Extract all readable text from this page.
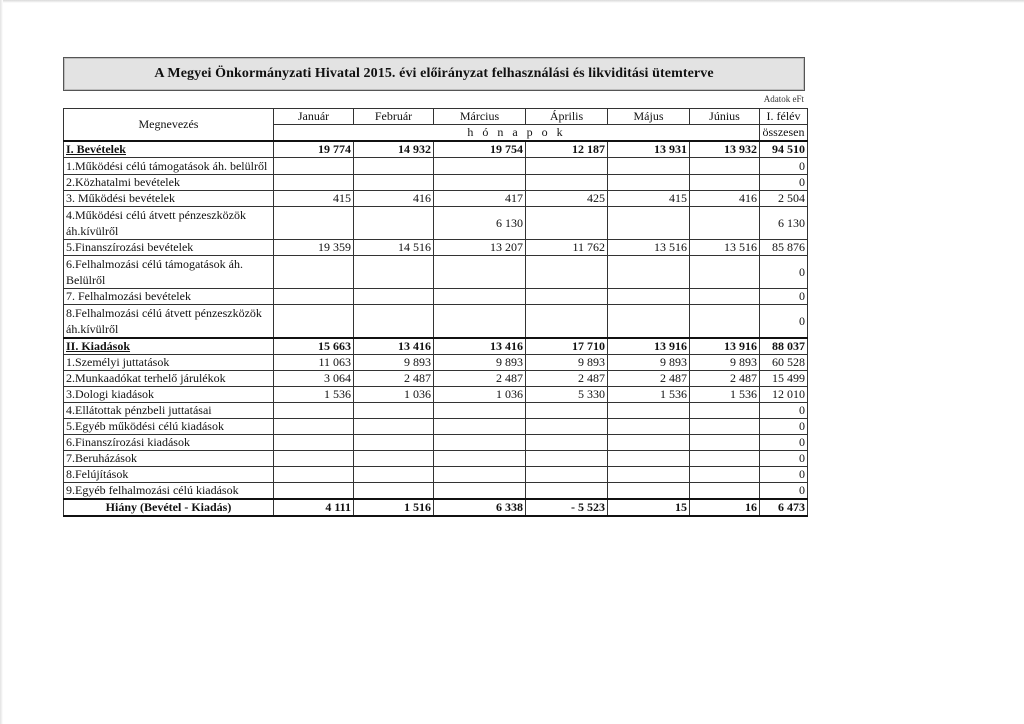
A Megyei Önkormányzati Hivatal 2015. évi előirányzat felhasználási és likviditási ütemterve
Adatok eFt
Megnevezés	Január	Február	Március	Április	Május	Június	I. félév
	h ó n a p o k						összesen
I. Bevételek	19 774	14 932	19 754	12 187	13 931	13 932	94 510
1.Működési célú támogatások áh. belülről							0
2.Közhatalmi bevételek							0
3. Működési bevételek	415	416	417	425	415	416	2 504
4.Működési célú átvett pénzeszközök áh.kívülről			6 130				6 130
5.Finanszírozási bevételek	19 359	14 516	13 207	11 762	13 516	13 516	85 876
6.Felhalmozási célú támogatások áh. Belülről							0
7. Felhalmozási bevételek							0
8.Felhalmozási célú átvett pénzeszközök áh.kívülről							0
II. Kiadások	15 663	13 416	13 416	17 710	13 916	13 916	88 037
1.Személyi juttatások	11 063	9 893	9 893	9 893	9 893	9 893	60 528
2.Munkaadókat terhelő járulékok	3 064	2 487	2 487	2 487	2 487	2 487	15 499
3.Dologi kiadások	1 536	1 036	1 036	5 330	1 536	1 536	12 010
4.Ellátottak pénzbeli juttatásai							0
5.Egyéb működési célú kiadások							0
6.Finanszírozási kiadások							0
7.Beruházások							0
8.Felújítások							0
9.Egyéb felhalmozási célú kiadások							0
Hiány (Bevétel - Kiadás)	4 111	1 516	6 338	- 5 523	15	16	6 473
